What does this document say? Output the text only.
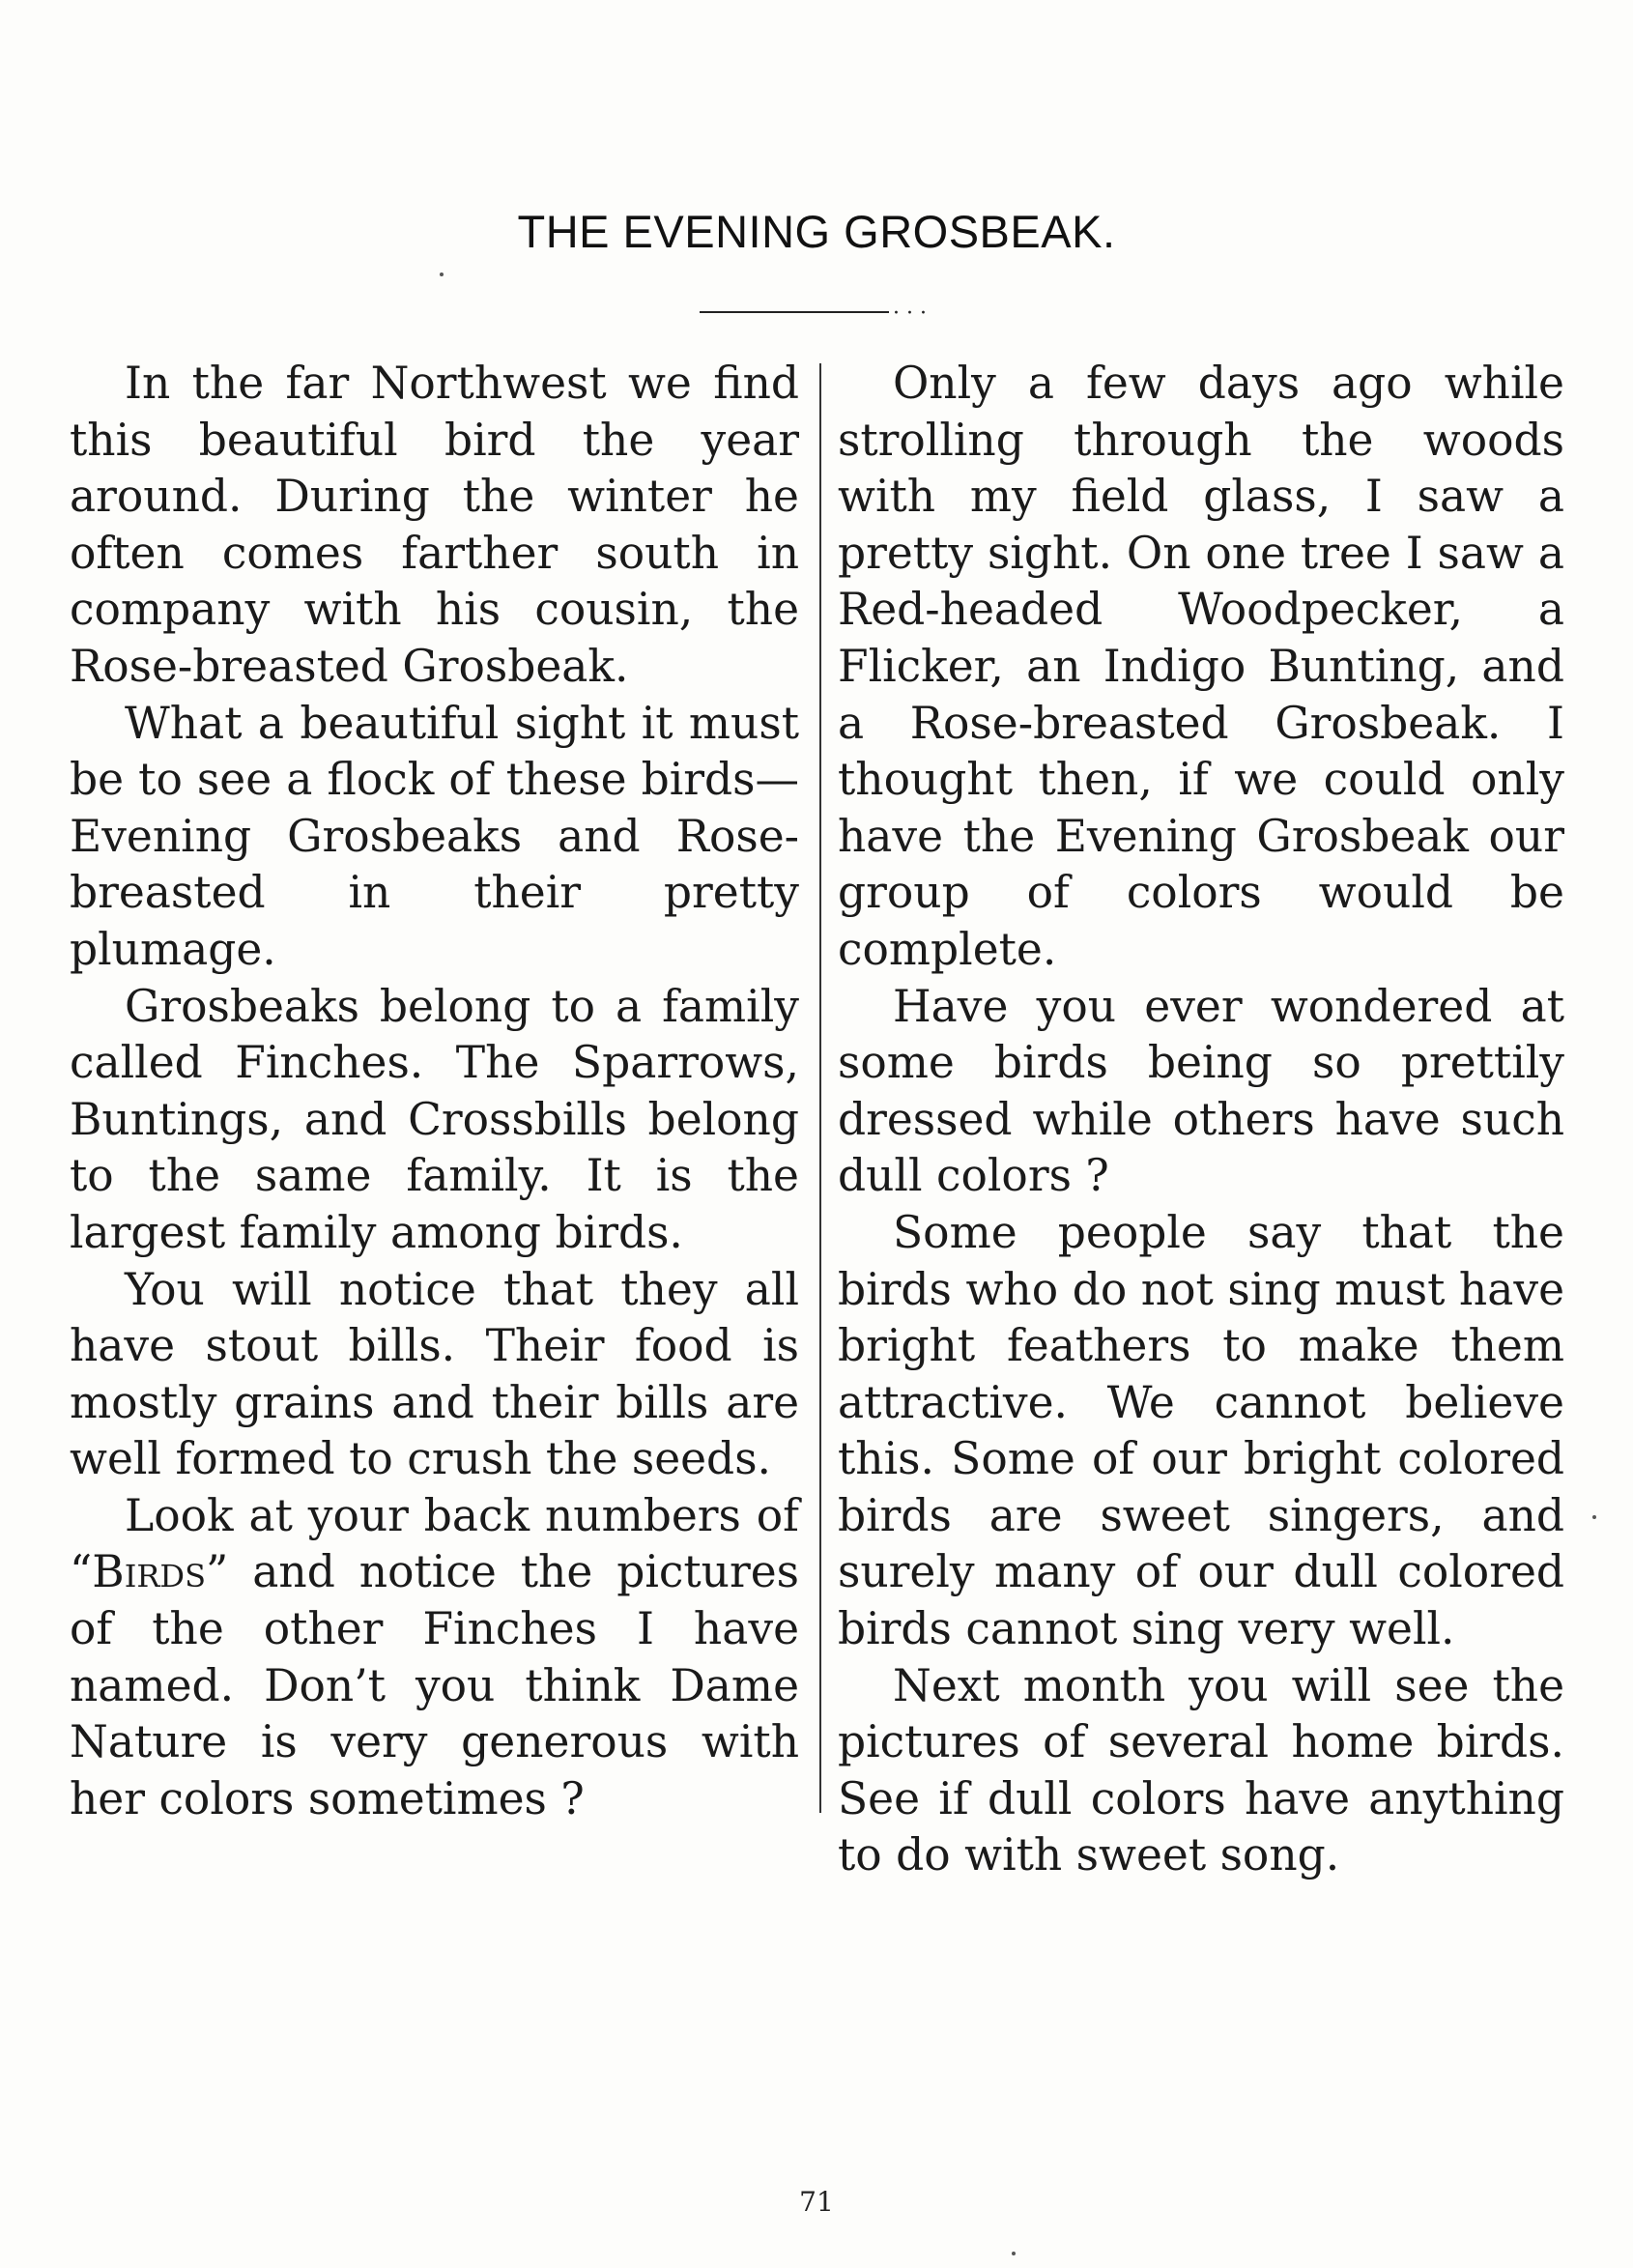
THE EVENING GROSBEAK.
· · ·

In the far Northwest we find this beautiful bird the year around. During the winter he often comes farther south in company with his cousin, the Rose-breasted Grosbeak.

What a beautiful sight it must be to see a flock of these birds—Evening Grosbeaks and Rose-breasted in their pretty plumage.

Grosbeaks belong to a family called Finches. The Sparrows, Buntings, and Crossbills belong to the same family. It is the largest family among birds.

You will notice that they all have stout bills. Their food is mostly grains and their bills are well formed to crush the seeds.

Look at your back numbers of “Birds” and notice the pictures of the other Finches I have named. Don’t you think Dame Nature is very generous with her colors sometimes ?

Only a few days ago while strolling through the woods with my field glass, I saw a pretty sight. On one tree I saw a Red-headed Woodpecker, a Flicker, an Indigo Bunting, and a Rose-breasted Grosbeak. I thought then, if we could only have the Evening Grosbeak our group of colors would be complete.

Have you ever wondered at some birds being so prettily dressed while others have such dull colors ?

Some people say that the birds who do not sing must have bright feathers to make them attractive. We cannot believe this. Some of our bright colored birds are sweet singers, and surely many of our dull colored birds cannot sing very well.

Next month you will see the pictures of several home birds. See if dull colors have anything to do with sweet song.

71
